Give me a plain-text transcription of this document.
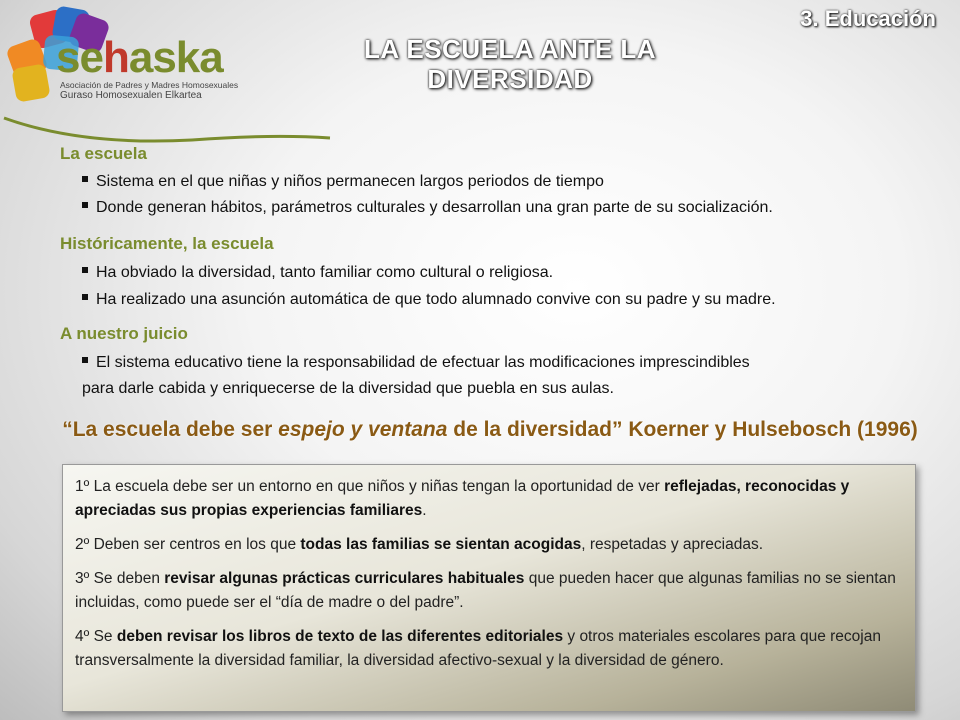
sehaska
Asociación de Padres y Madres Homosexuales
Guraso Homosexualen Elkartea
3. Educación
LA ESCUELA ANTE LA
DIVERSIDAD
La escuela
Sistema en el que niñas y niños permanecen largos periodos de tiempo
Donde generan hábitos, parámetros culturales y desarrollan una gran parte de su socialización.
Históricamente, la escuela
Ha obviado la diversidad, tanto familiar como cultural o religiosa.
Ha realizado una asunción automática de que todo alumnado convive con su padre y su madre.
A nuestro juicio
El sistema educativo tiene la responsabilidad de efectuar las modificaciones imprescindibles
para darle cabida y enriquecerse de la diversidad que puebla en sus aulas.
“La escuela debe ser espejo y ventana de la diversidad” Koerner y Hulsebosch (1996)
1º La escuela debe ser un entorno en que niños y niñas tengan la oportunidad de ver reflejadas, reconocidas y apreciadas sus propias experiencias familiares.
2º Deben ser centros en los que todas las familias se sientan acogidas, respetadas y apreciadas.
3º Se deben revisar algunas prácticas curriculares habituales que pueden hacer que algunas familias no se sientan incluidas, como puede ser el “día de madre o del padre”.
4º Se deben revisar los libros de texto de las diferentes editoriales y otros materiales escolares para que recojan transversalmente la diversidad familiar, la diversidad afectivo-sexual y la diversidad de género.
